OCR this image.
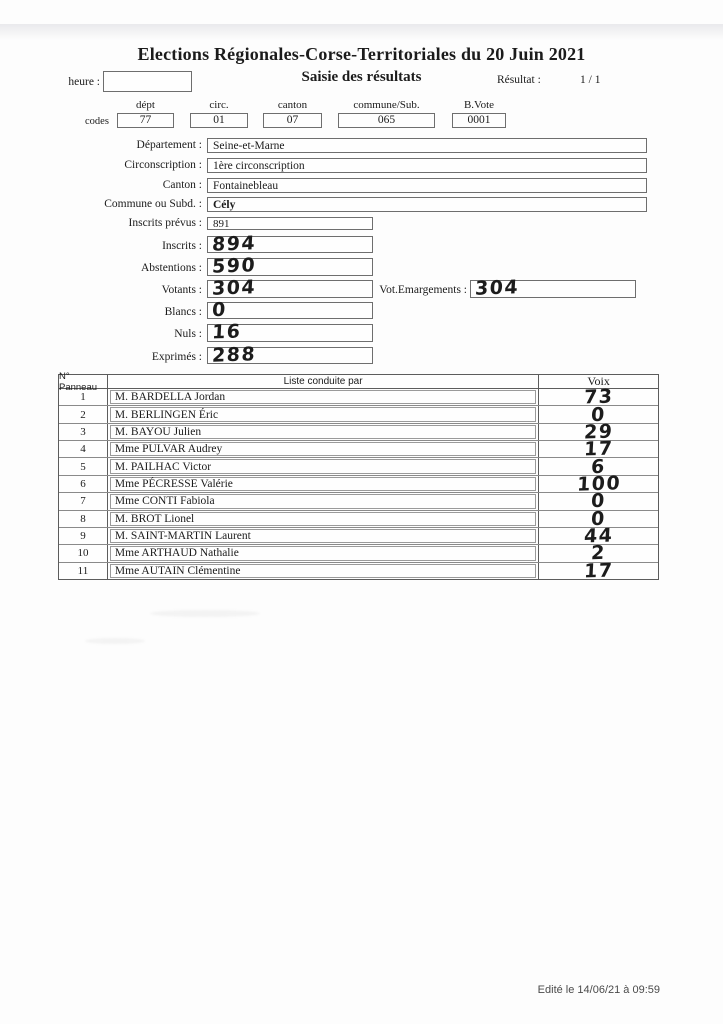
Elections Régionales-Corse-Territoriales du 20 Juin 2021
heure :	Saisie des résultats	Résultat :	1 / 1
codes
dépt
77
circ.
01
canton
07
commune/Sub.
065
B.Vote
0001
Département : Seine-et-Marne
Circonscription : 1ère circonscription
Canton : Fontainebleau
Commune ou Subd. : Cély
Inscrits prévus :	891
Inscrits : 894
Abstentions : 590
Votants : 304	Vot.Emargements : 304
Blancs : 0
Nuls : 16
Exprimés : 288
N° Panneau	Liste conduite par	Voix
1	M. BARDELLA Jordan	73
2	M. BERLINGEN Éric	0
3	M. BAYOU Julien	29
4	Mme PULVAR Audrey	17
5	M. PAILHAC Victor	6
6	Mme PÉCRESSE Valérie	100
7	Mme CONTI Fabiola	0
8	M. BROT Lionel	0
9	M. SAINT-MARTIN Laurent	44
10	Mme ARTHAUD Nathalie	2
11	Mme AUTAIN Clémentine	17
Edité le 14/06/21 à 09:59
